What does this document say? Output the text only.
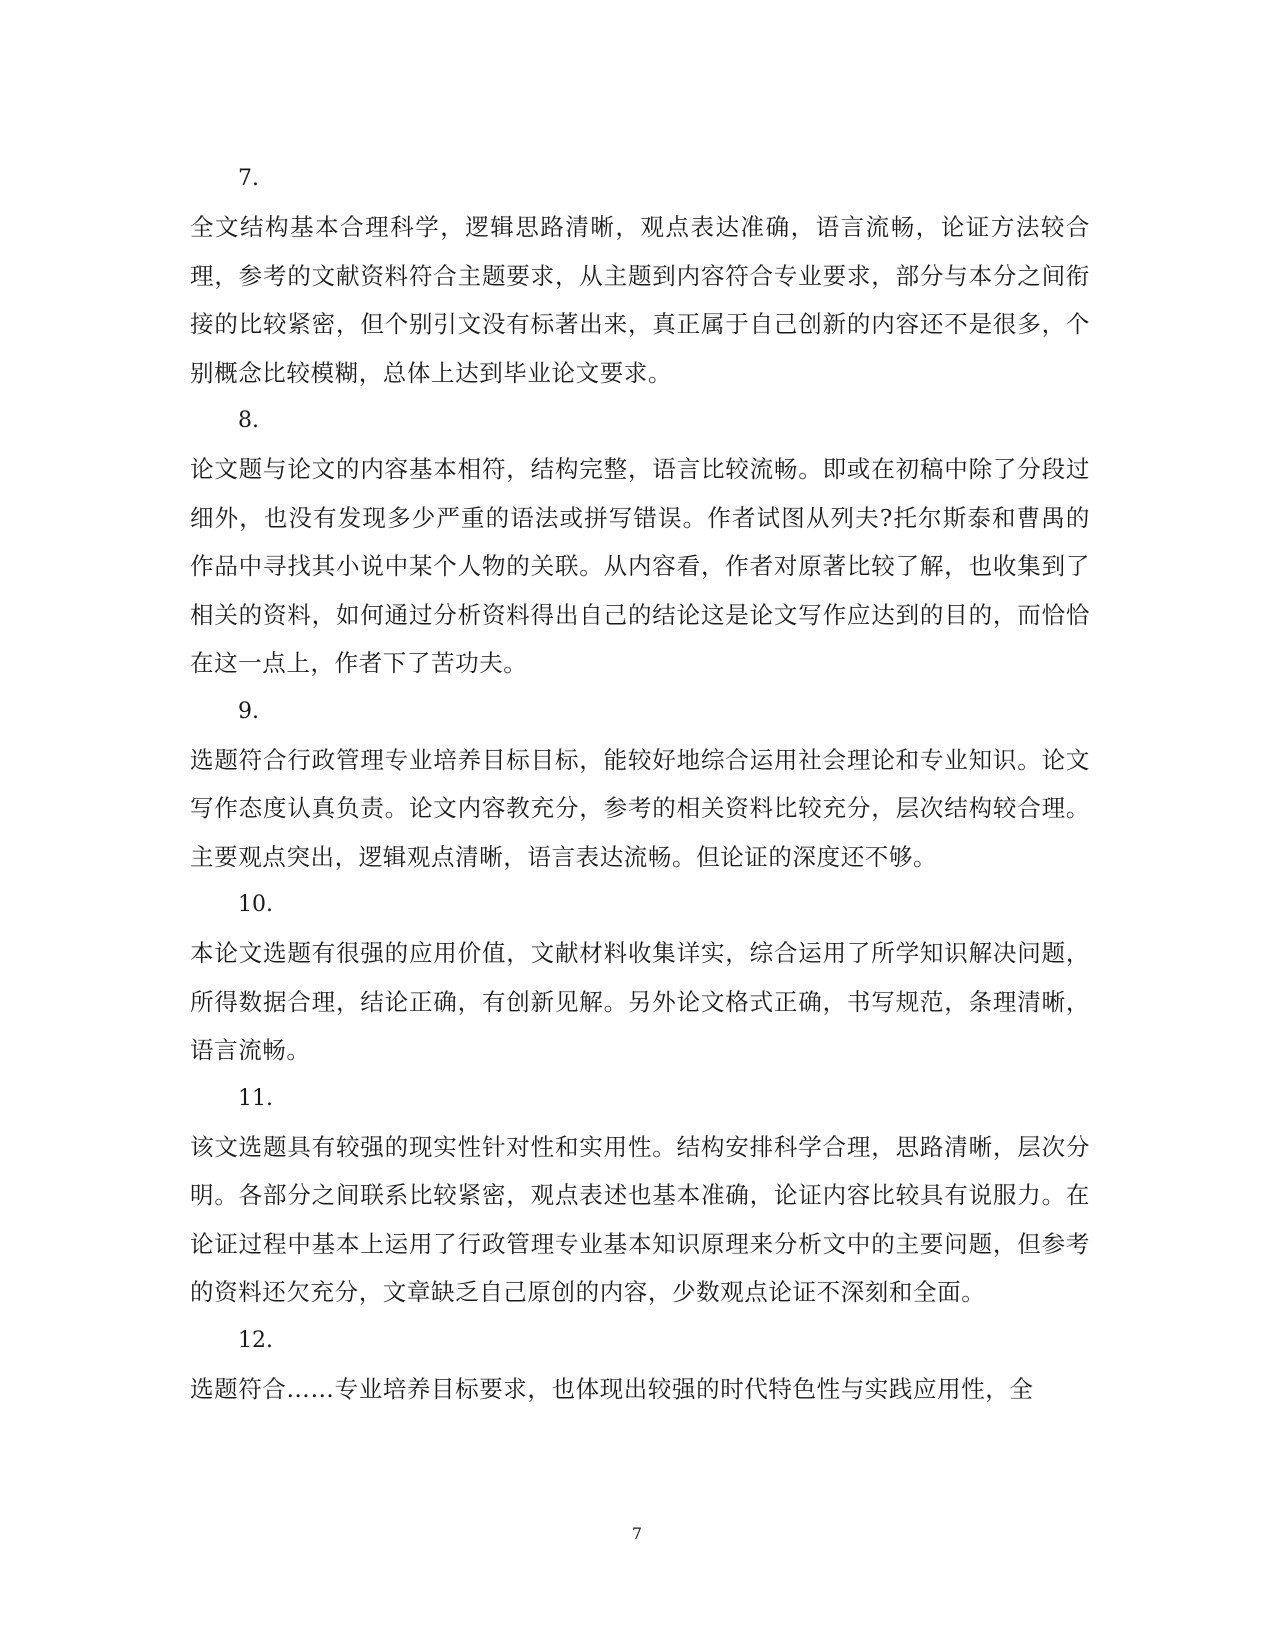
7.

全文结构基本合理科学，逻辑思路清晰，观点表达准确，语言流畅，论证方法较合理，参考的文献资料符合主题要求，从主题到内容符合专业要求，部分与本分之间衔接的比较紧密，但个别引文没有标著出来，真正属于自己创新的内容还不是很多，个别概念比较模糊，总体上达到毕业论文要求。

8.

论文题与论文的内容基本相符，结构完整，语言比较流畅。即或在初稿中除了分段过细外，也没有发现多少严重的语法或拼写错误。作者试图从列夫?托尔斯泰和曹禺的作品中寻找其小说中某个人物的关联。从内容看，作者对原著比较了解，也收集到了相关的资料，如何通过分析资料得出自己的结论这是论文写作应达到的目的，而恰恰在这一点上，作者下了苦功夫。

9.

选题符合行政管理专业培养目标目标，能较好地综合运用社会理论和专业知识。论文写作态度认真负责。论文内容教充分，参考的相关资料比较充分，层次结构较合理。主要观点突出，逻辑观点清晰，语言表达流畅。但论证的深度还不够。

10.

本论文选题有很强的应用价值，文献材料收集详实，综合运用了所学知识解决问题，所得数据合理，结论正确，有创新见解。另外论文格式正确，书写规范，条理清晰，语言流畅。

11.

该文选题具有较强的现实性针对性和实用性。结构安排科学合理，思路清晰，层次分明。各部分之间联系比较紧密，观点表述也基本准确，论证内容比较具有说服力。在论证过程中基本上运用了行政管理专业基本知识原理来分析文中的主要问题，但参考的资料还欠充分，文章缺乏自己原创的内容，少数观点论证不深刻和全面。

12.

选题符合……专业培养目标要求，也体现出较强的时代特色性与实践应用性，全

7
